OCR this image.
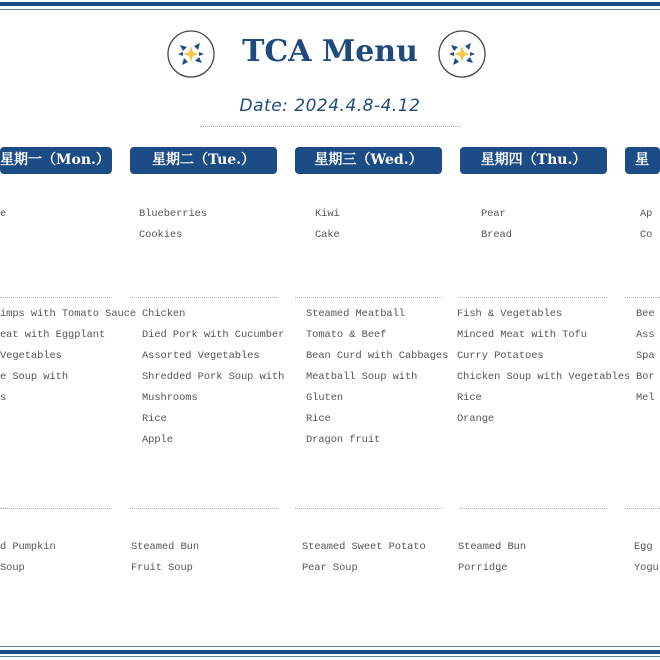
TCA Menu
Date: 2024.4.8-4.12
星期一（Mon.）
e
imps with Tomato Sauce
eat with Eggplant
Vegetables
e Soup with
s
d Pumpkin
Soup
星期二（Tue.）
Blueberries
Cookies
Chicken
Died Pork with Cucumber
Assorted Vegetables
Shredded Pork Soup with
Mushrooms
Rice
Apple
Steamed Bun
Fruit Soup
星期三（Wed.）
Kiwi
Cake
Steamed Meatball
Tomato & Beef
Bean Curd with Cabbages
Meatball Soup with
Gluten
Rice
Dragon fruit
Steamed Sweet Potato
Pear Soup
星期四（Thu.）
Pear
Bread
Fish & Vegetables
Minced Meat with Tofu
Curry Potatoes
Chicken Soup with Vegetables
Rice
Orange
Steamed Bun
Porridge
星
Ap
Co
Bee
Ass
Spa
Bor
Mel
Egg
Yogu
